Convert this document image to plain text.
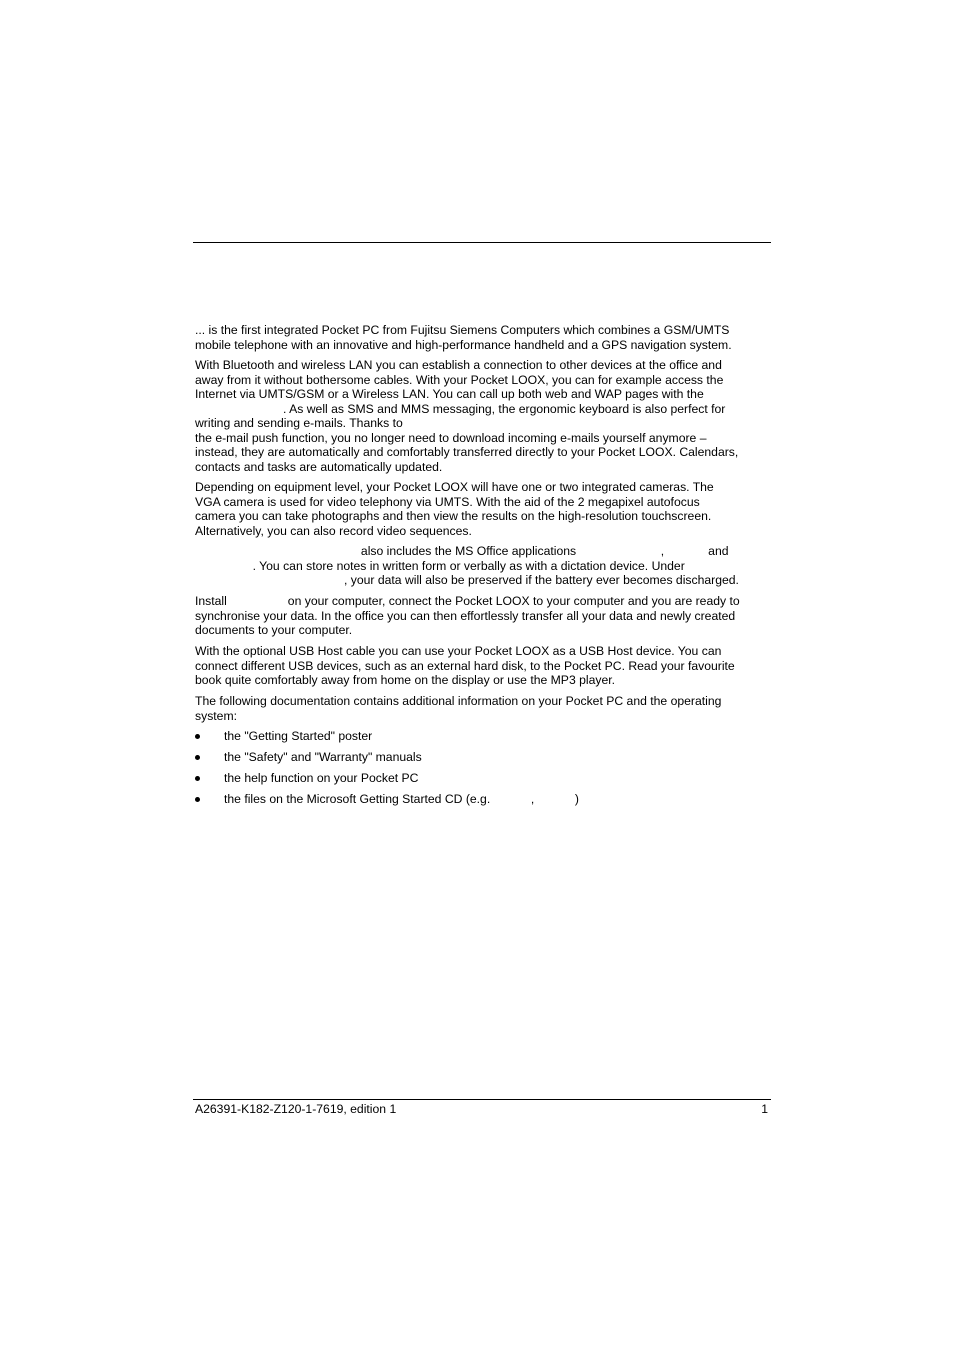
... is the first integrated Pocket PC from Fujitsu Siemens Computers which combines a GSM/UMTS
mobile telephone with an innovative and high-performance handheld and a GPS navigation system.
With Bluetooth and wireless LAN you can establish a connection to other devices at the office and
away from it without bothersome cables. With your Pocket LOOX, you can for example access the
Internet via UMTS/GSM or a Wireless LAN. You can call up both web and WAP pages with the
. As well as SMS and MMS messaging, the ergonomic keyboard is also perfect for
writing and sending e-mails. Thanks to
the e-mail push function, you no longer need to download incoming e-mails yourself anymore –
instead, they are automatically and comfortably transferred directly to your Pocket LOOX. Calendars,
contacts and tasks are automatically updated.
Depending on equipment level, your Pocket LOOX will have one or two integrated cameras. The
VGA camera is used for video telephony via UMTS. With the aid of the 2 megapixel autofocus
camera you can take photographs and then view the results on the high-resolution touchscreen.
Alternatively, you can also record video sequences.
also includes the MS Office applications                         ,             and
. You can store notes in written form or verbally as with a dictation device. Under
, your data will also be preserved if the battery ever becomes discharged.
Install                  on your computer, connect the Pocket LOOX to your computer and you are ready to
synchronise your data. In the office you can then effortlessly transfer all your data and newly created
documents to your computer.
With the optional USB Host cable you can use your Pocket LOOX as a USB Host device. You can
connect different USB devices, such as an external hard disk, to the Pocket PC. Read your favourite
book quite comfortably away from home on the display or use the MP3 player.
The following documentation contains additional information on your Pocket PC and the operating
system:
the "Getting Started" poster
the "Safety" and "Warranty" manuals
the help function on your Pocket PC
the files on the Microsoft Getting Started CD (e.g.            ,            )
A26391-K182-Z120-1-7619, edition 1	1
